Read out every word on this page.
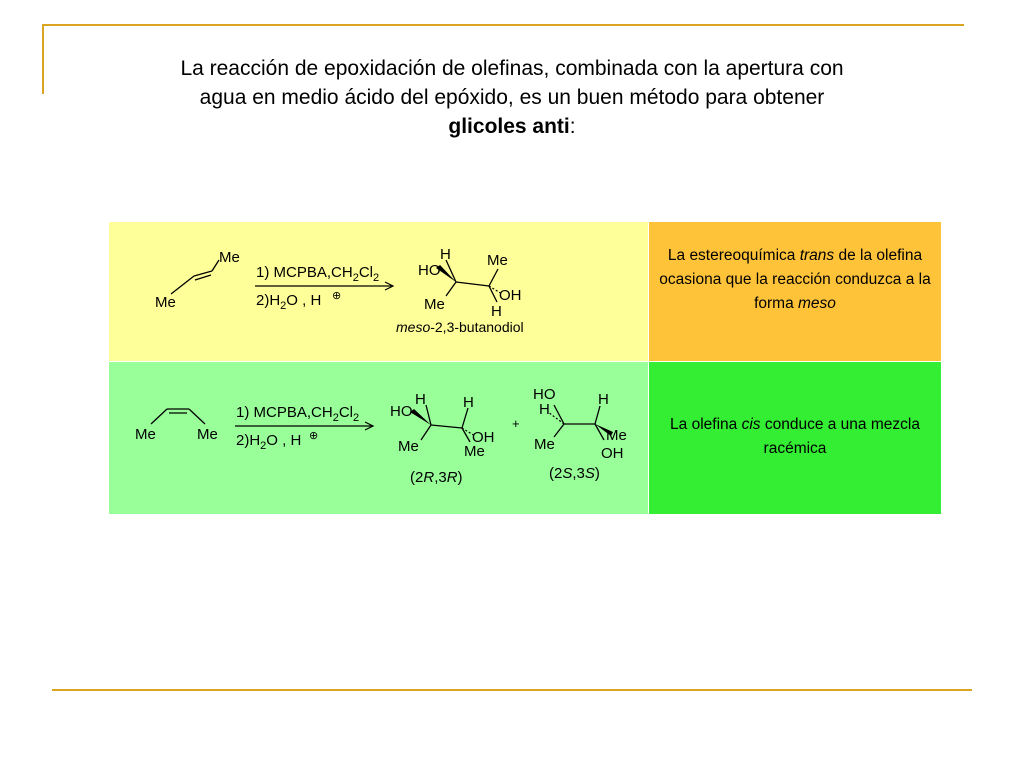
La reacción de epoxidación de olefinas, combinada con la apertura con
agua en medio ácido del epóxido, es un buen método para obtener
glicoles anti:
Me
Me
1) $MCPBA,CH_2Cl_2$
$2)H_2O$ , H ⊕
H
HO
Me
Me
OH
H
meso-2,3-butanodiol
La estereoquímica trans de la olefina ocasiona que la reacción conduzca a la forma meso
Me	Me
1) $MCPBA,CH_2Cl_2$
$2)H_2O$ , H ⊕
H H
HO
Me
OH
Me
(2R,3R)
+
HO
H
H
Me
Me
OH
(2S,3S)
La olefina cis conduce a una mezcla racémica
